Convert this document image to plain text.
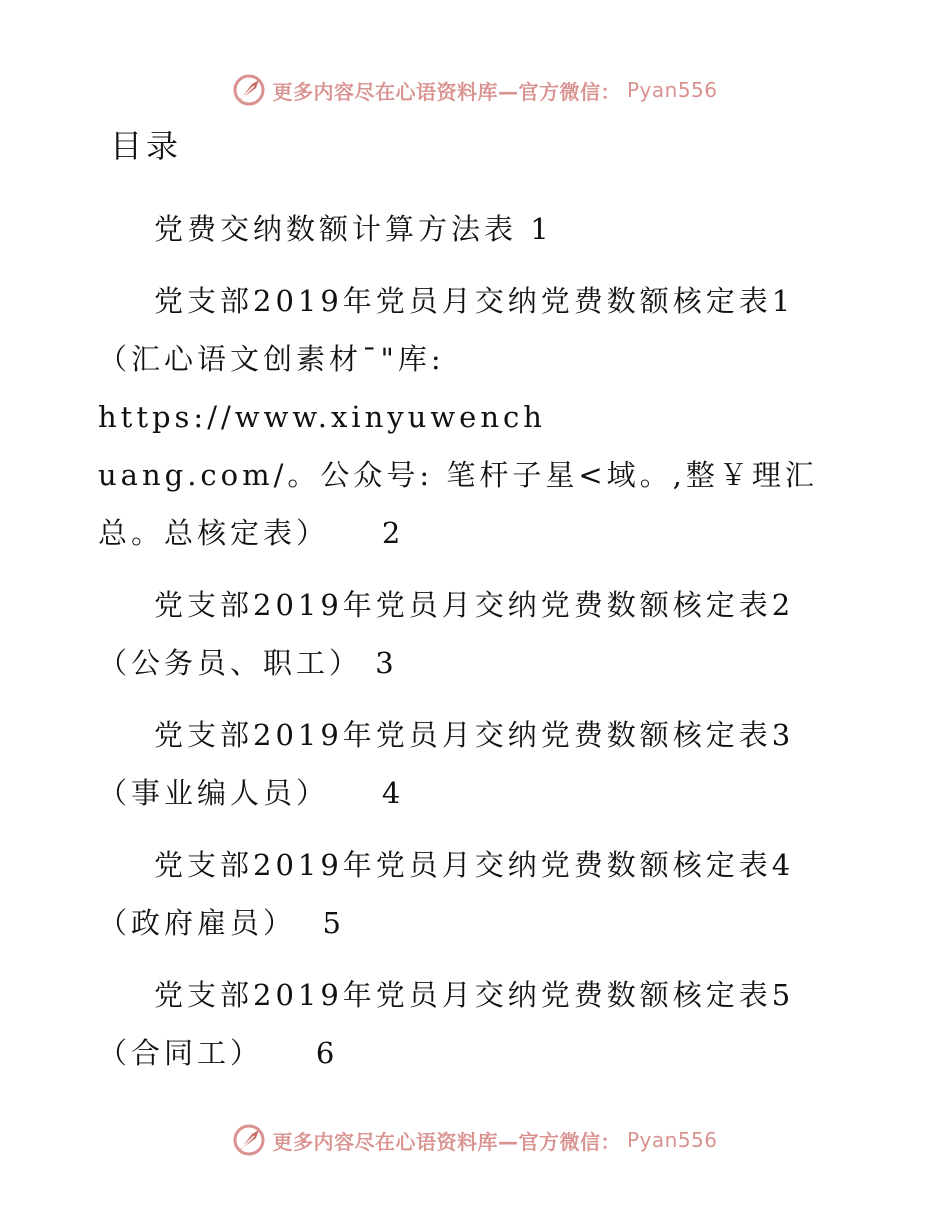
更多内容尽在心语资料库—官方微信： Pyan556
目录
党费交纳数额计算方法表 1
党支部2019年党员月交纳党费数额核定表1
（汇心语文创素材¯"库: https://www.xinyuwench
uang.com/。公众号: 笔杆子星<域。,整￥理汇
总。总核定表） 2
党支部2019年党员月交纳党费数额核定表2
（公务员、职工） 3
党支部2019年党员月交纳党费数额核定表3
（事业编人员） 4
党支部2019年党员月交纳党费数额核定表4
（政府雇员） 5
党支部2019年党员月交纳党费数额核定表5
（合同工） 6
更多内容尽在心语资料库—官方微信： Pyan556
